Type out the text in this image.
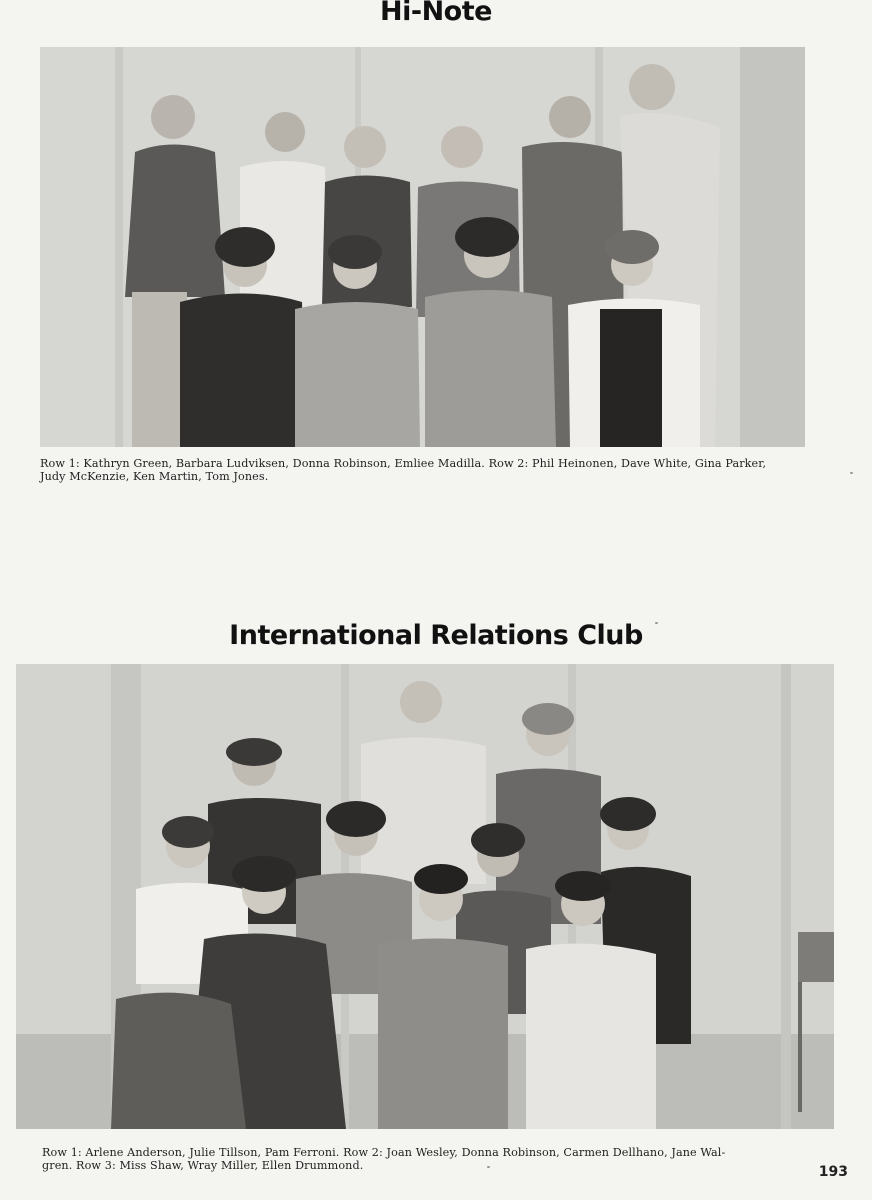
Hi-Note

Row 1: Kathryn Green, Barbara Ludviksen, Donna Robinson, Emliee Madilla. Row 2: Phil Heinonen, Dave White, Gina Parker,
Judy McKenzie, Ken Martin, Tom Jones.

International Relations Club

Row 1: Arlene Anderson, Julie Tillson, Pam Ferroni. Row 2: Joan Wesley, Donna Robinson, Carmen Dellhano, Jane Wal-
gren. Row 3: Miss Shaw, Wray Miller, Ellen Drummond.	193
